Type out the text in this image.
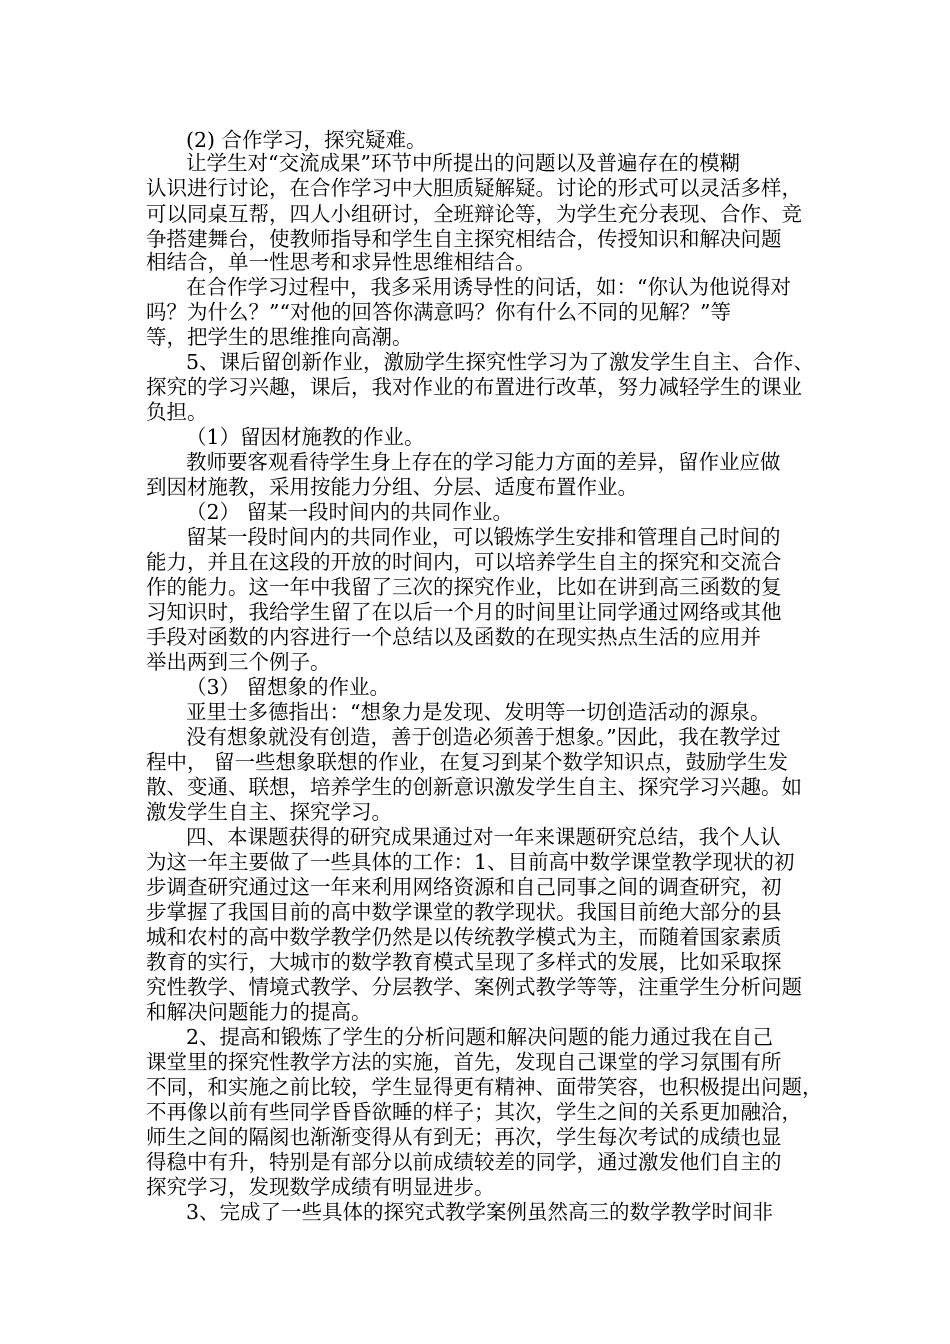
(2) 合作学习，探究疑难。

让学生对“交流成果”环节中所提出的问题以及普遍存在的模糊

认识进行讨论，在合作学习中大胆质疑解疑。讨论的形式可以灵活多样，

可以同桌互帮，四人小组研讨，全班辩论等，为学生充分表现、合作、竞

争搭建舞台，使教师指导和学生自主探究相结合，传授知识和解决问题

相结合，单一性思考和求异性思维相结合。

在合作学习过程中，我多采用诱导性的问话，如：“你认为他说得对

吗？为什么？”“对他的回答你满意吗？你有什么不同的见解？”等

等，把学生的思维推向高潮。

5、课后留创新作业，激励学生探究性学习为了激发学生自主、合作、

探究的学习兴趣，课后，我对作业的布置进行改革，努力减轻学生的课业

负担。

（1）留因材施教的作业。

教师要客观看待学生身上存在的学习能力方面的差异，留作业应做

到因材施教，采用按能力分组、分层、适度布置作业。

（2） 留某一段时间内的共同作业。

留某一段时间内的共同作业，可以锻炼学生安排和管理自己时间的

能力，并且在这段的开放的时间内，可以培养学生自主的探究和交流合

作的能力。这一年中我留了三次的探究作业，比如在讲到高三函数的复

习知识时，我给学生留了在以后一个月的时间里让同学通过网络或其他

手段对函数的内容进行一个总结以及函数的在现实热点生活的应用并

举出两到三个例子。

（3） 留想象的作业。

亚里士多德指出：“想象力是发现、发明等一切创造活动的源泉。

没有想象就没有创造，善于创造必须善于想象。”因此，我在教学过

程中， 留一些想象联想的作业，在复习到某个数学知识点，鼓励学生发

散、变通、联想，培养学生的创新意识激发学生自主、探究学习兴趣。如

激发学生自主、探究学习。

四、本课题获得的研究成果通过对一年来课题研究总结，我个人认

为这一年主要做了一些具体的工作：1、目前高中数学课堂教学现状的初

步调查研究通过这一年来利用网络资源和自己同事之间的调查研究，初

步掌握了我国目前的高中数学课堂的教学现状。我国目前绝大部分的县

城和农村的高中数学教学仍然是以传统教学模式为主，而随着国家素质

教育的实行，大城市的数学教育模式呈现了多样式的发展，比如采取探

究性教学、情境式教学、分层教学、案例式教学等等，注重学生分析问题

和解决问题能力的提高。

2、提高和锻炼了学生的分析问题和解决问题的能力通过我在自己

课堂里的探究性教学方法的实施，首先，发现自己课堂的学习氛围有所

不同，和实施之前比较，学生显得更有精神、面带笑容，也积极提出问题，

不再像以前有些同学昏昏欲睡的样子；其次，学生之间的关系更加融洽，

师生之间的隔阂也渐渐变得从有到无；再次，学生每次考试的成绩也显

得稳中有升，特别是有部分以前成绩较差的同学，通过激发他们自主的

探究学习，发现数学成绩有明显进步。

3、完成了一些具体的探究式教学案例虽然高三的数学教学时间非
